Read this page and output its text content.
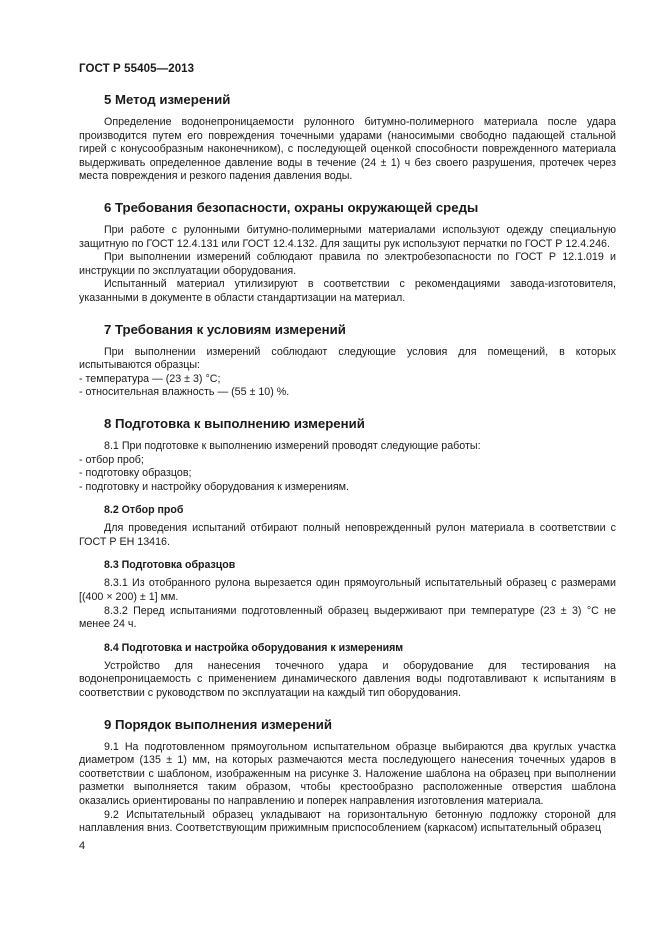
ГОСТ Р 55405—2013
5 Метод измерений

Определение водонепроницаемости рулонного битумно-полимерного материала после удара производится путем его повреждения точечными ударами (наносимыми свободно падающей стальной гирей с конусообразным наконечником), с последующей оценкой способности поврежденного материала выдерживать определенное давление воды в течение (24 ± 1) ч без своего разрушения, протечек через места повреждения и резкого падения давления воды.

6 Требования безопасности, охраны окружающей среды

При работе с рулонными битумно-полимерными материалами используют одежду специальную защитную по ГОСТ 12.4.131 или ГОСТ 12.4.132. Для защиты рук используют перчатки по ГОСТ Р 12.4.246.

При выполнении измерений соблюдают правила по электробезопасности по ГОСТ Р 12.1.019 и инструкции по эксплуатации оборудования.

Испытанный материал утилизируют в соответствии с рекомендациями завода-изготовителя, указанными в документе в области стандартизации на материал.

7 Требования к условиям измерений

При выполнении измерений соблюдают следующие условия для помещений, в которых испытываются образцы:

- температура — (23 ± 3) °С;

- относительная влажность — (55 ± 10) %.

8 Подготовка к выполнению измерений

8.1 При подготовке к выполнению измерений проводят следующие работы:

- отбор проб;

- подготовку образцов;

- подготовку и настройку оборудования к измерениям.

8.2 Отбор проб

Для проведения испытаний отбирают полный неповрежденный рулон материала в соответствии с ГОСТ Р ЕН 13416.

8.3 Подготовка образцов

8.3.1 Из отобранного рулона вырезается один прямоугольный испытательный образец с размерами [(400 × 200) ± 1] мм.

8.3.2 Перед испытаниями подготовленный образец выдерживают при температуре (23 ± 3) °С не менее 24 ч.

8.4 Подготовка и настройка оборудования к измерениям

Устройство для нанесения точечного удара и оборудование для тестирования на водонепроницаемость с применением динамического давления воды подготавливают к испытаниям в соответствии с руководством по эксплуатации на каждый тип оборудования.

9 Порядок выполнения измерений

9.1 На подготовленном прямоугольном испытательном образце выбираются два круглых участка диаметром (135 ± 1) мм, на которых размечаются места последующего нанесения точечных ударов в соответствии с шаблоном, изображенным на рисунке 3. Наложение шаблона на образец при выполнении разметки выполняется таким образом, чтобы крестообразно расположенные отверстия шаблона оказались ориентированы по направлению и поперек направления изготовления материала.

9.2 Испытательный образец укладывают на горизонтальную бетонную подложку стороной для наплавления вниз. Соответствующим прижимным приспособлением (каркасом) испытательный образец

4
